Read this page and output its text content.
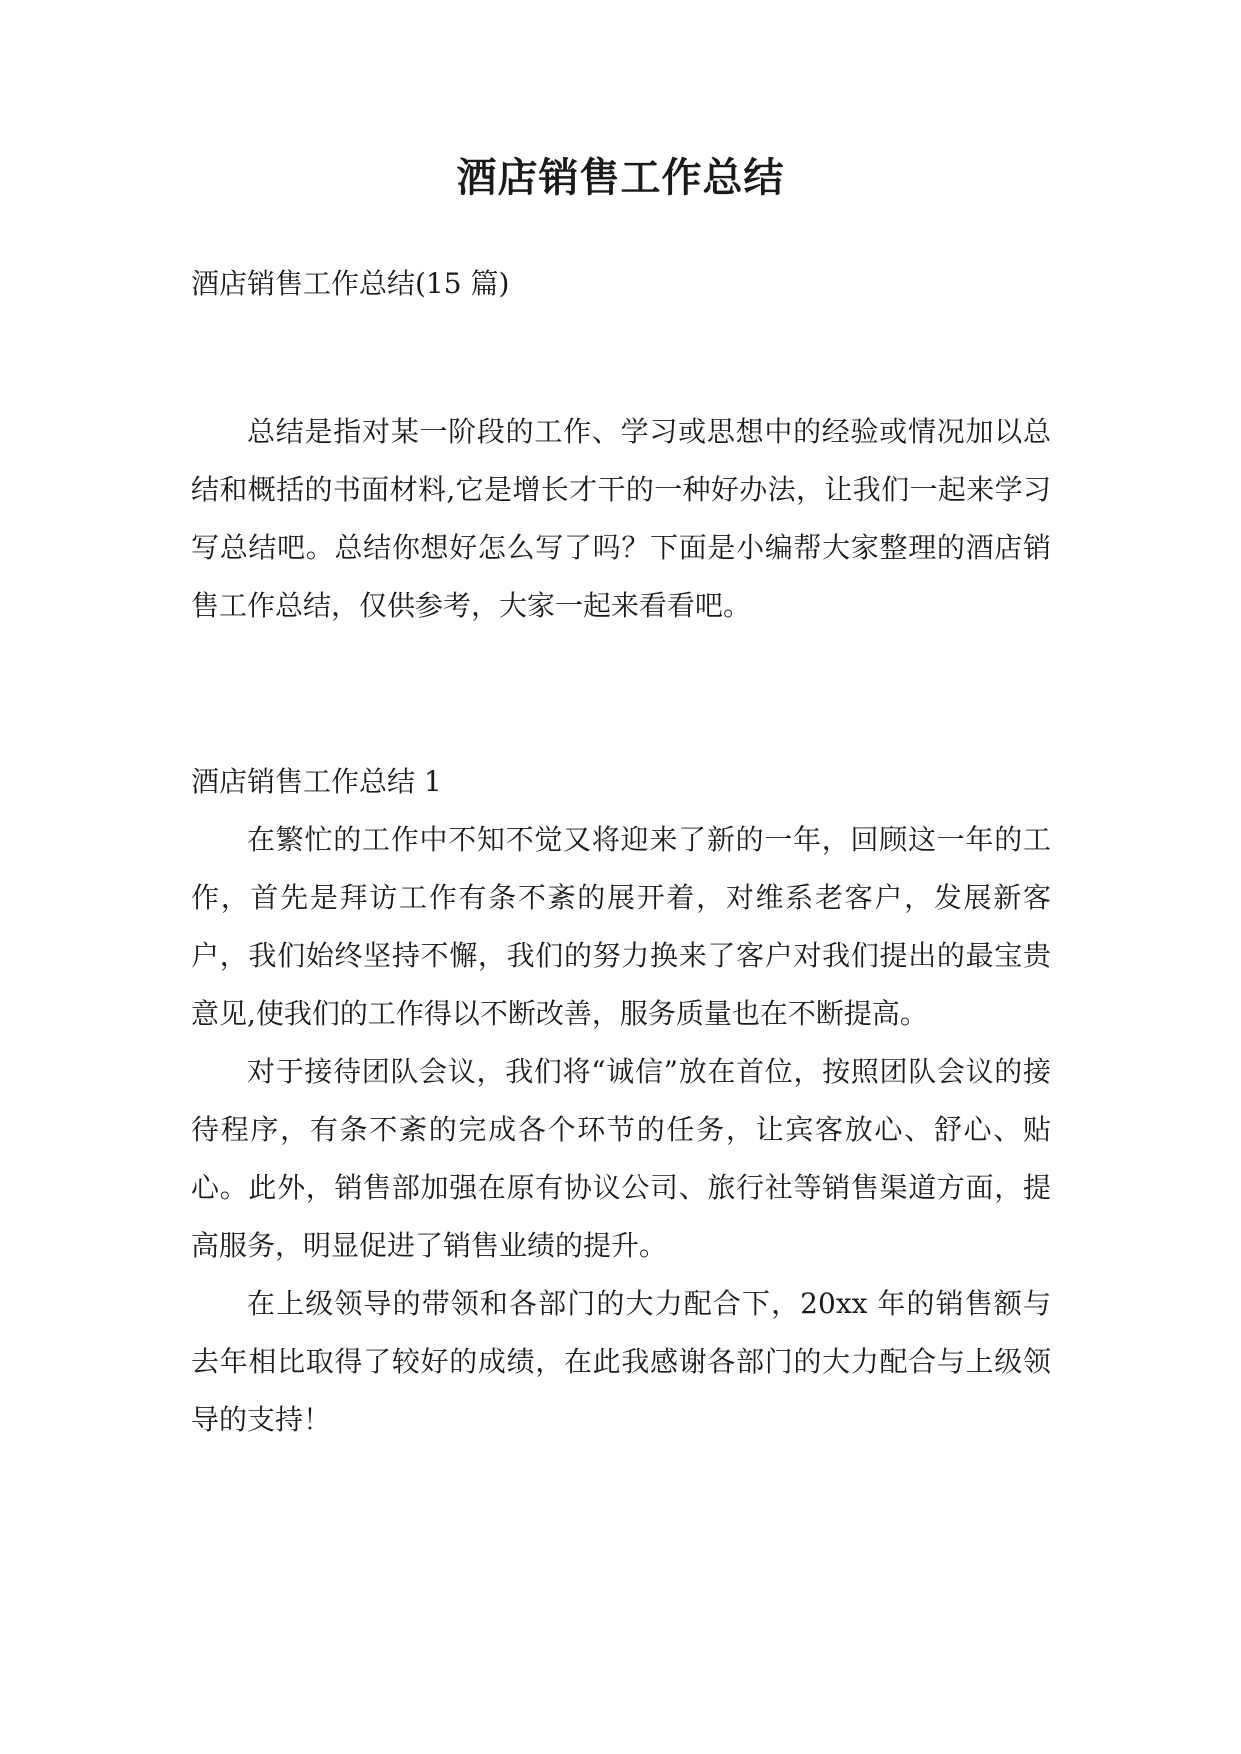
酒店销售工作总结
酒店销售工作总结(15 篇)

总结是指对某一阶段的工作、学习或思想中的经验或情况加以总结和概括的书面材料,它是增长才干的一种好办法，让我们一起来学习写总结吧。总结你想好怎么写了吗？下面是小编帮大家整理的酒店销售工作总结，仅供参考，大家一起来看看吧。

酒店销售工作总结 1

在繁忙的工作中不知不觉又将迎来了新的一年，回顾这一年的工作，首先是拜访工作有条不紊的展开着，对维系老客户，发展新客户，我们始终坚持不懈，我们的努力换来了客户对我们提出的最宝贵意见,使我们的工作得以不断改善，服务质量也在不断提高。

对于接待团队会议，我们将“诚信”放在首位，按照团队会议的接待程序，有条不紊的完成各个环节的任务，让宾客放心、舒心、贴心。此外，销售部加强在原有协议公司、旅行社等销售渠道方面，提高服务，明显促进了销售业绩的提升。

在上级领导的带领和各部门的大力配合下，20xx 年的销售额与去年相比取得了较好的成绩，在此我感谢各部门的大力配合与上级领导的支持！
